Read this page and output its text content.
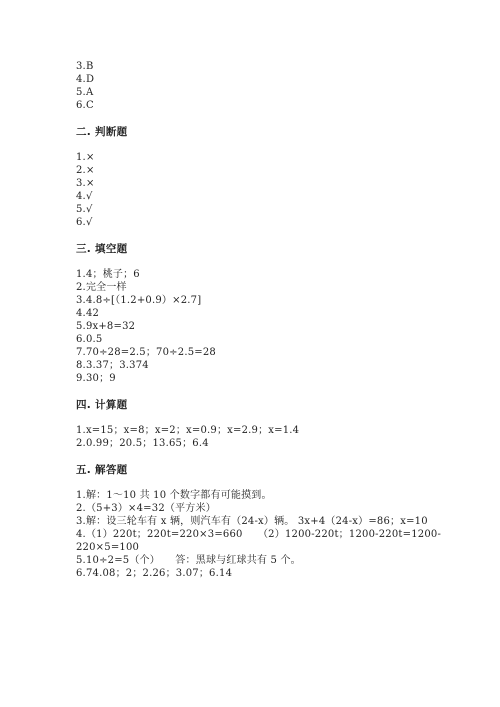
3.B
4.D
5.A
6.C
二. 判断题
1.×
2.×
3.×
4.√
5.√
6.√
三. 填空题
1.4；桃子；6
2.完全一样
3.4.8÷[（1.2+0.9）×2.7]
4.42
5.9x+8=32
6.0.5
7.70÷28=2.5；70÷2.5=28
8.3.37；3.374
9.30；9
四. 计算题
1.x=15；x=8；x=2；x=0.9；x=2.9；x=1.4
2.0.99；20.5；13.65；6.4
五. 解答题
1.解：1～10 共 10 个数字都有可能摸到。
2.（5+3）×4=32（平方米）
3.解：设三轮车有 x 辆，则汽车有（24-x）辆。 3x+4（24-x）=86；x=10
4.（1）220t；220t=220×3=660　　（2）1200-220t；1200-220t=1200-
220×5=100
5.10÷2=5（个）　　答：黑球与红球共有 5 个。
6.74.08；2；2.26；3.07；6.14
